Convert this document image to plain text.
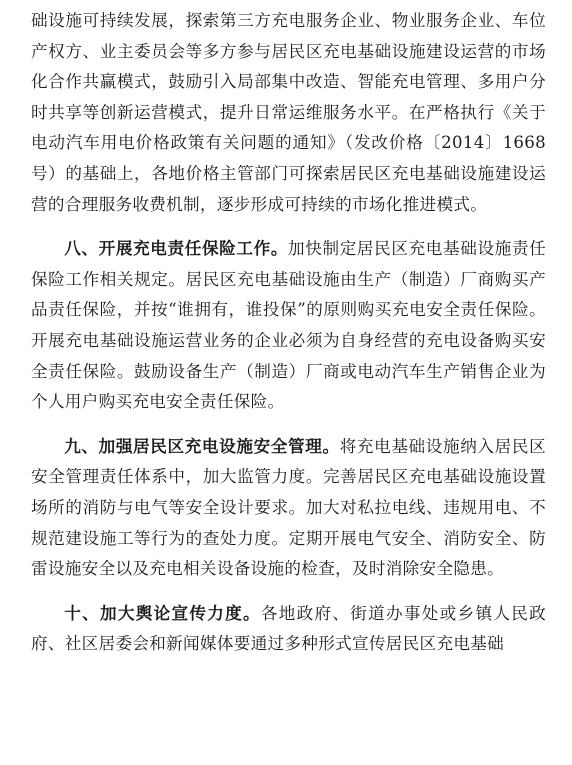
础设施可持续发展，探索第三方充电服务企业、物业服务企业、车位产权方、业主委员会等多方参与居民区充电基础设施建设运营的市场化合作共赢模式，鼓励引入局部集中改造、智能充电管理、多用户分时共享等创新运营模式，提升日常运维服务水平。在严格执行《关于电动汽车用电价格政策有关问题的通知》（发改价格〔2014〕1668号）的基础上，各地价格主管部门可探索居民区充电基础设施建设运营的合理服务收费机制，逐步形成可持续的市场化推进模式。

八、开展充电责任保险工作。加快制定居民区充电基础设施责任保险工作相关规定。居民区充电基础设施由生产（制造）厂商购买产品责任保险，并按“谁拥有，谁投保”的原则购买充电安全责任保险。开展充电基础设施运营业务的企业必须为自身经营的充电设备购买安全责任保险。鼓励设备生产（制造）厂商或电动汽车生产销售企业为个人用户购买充电安全责任保险。

九、加强居民区充电设施安全管理。将充电基础设施纳入居民区安全管理责任体系中，加大监管力度。完善居民区充电基础设施设置场所的消防与电气等安全设计要求。加大对私拉电线、违规用电、不规范建设施工等行为的查处力度。定期开展电气安全、消防安全、防雷设施安全以及充电相关设备设施的检查，及时消除安全隐患。

十、加大舆论宣传力度。各地政府、街道办事处或乡镇人民政府、社区居委会和新闻媒体要通过多种形式宣传居民区充电基础
